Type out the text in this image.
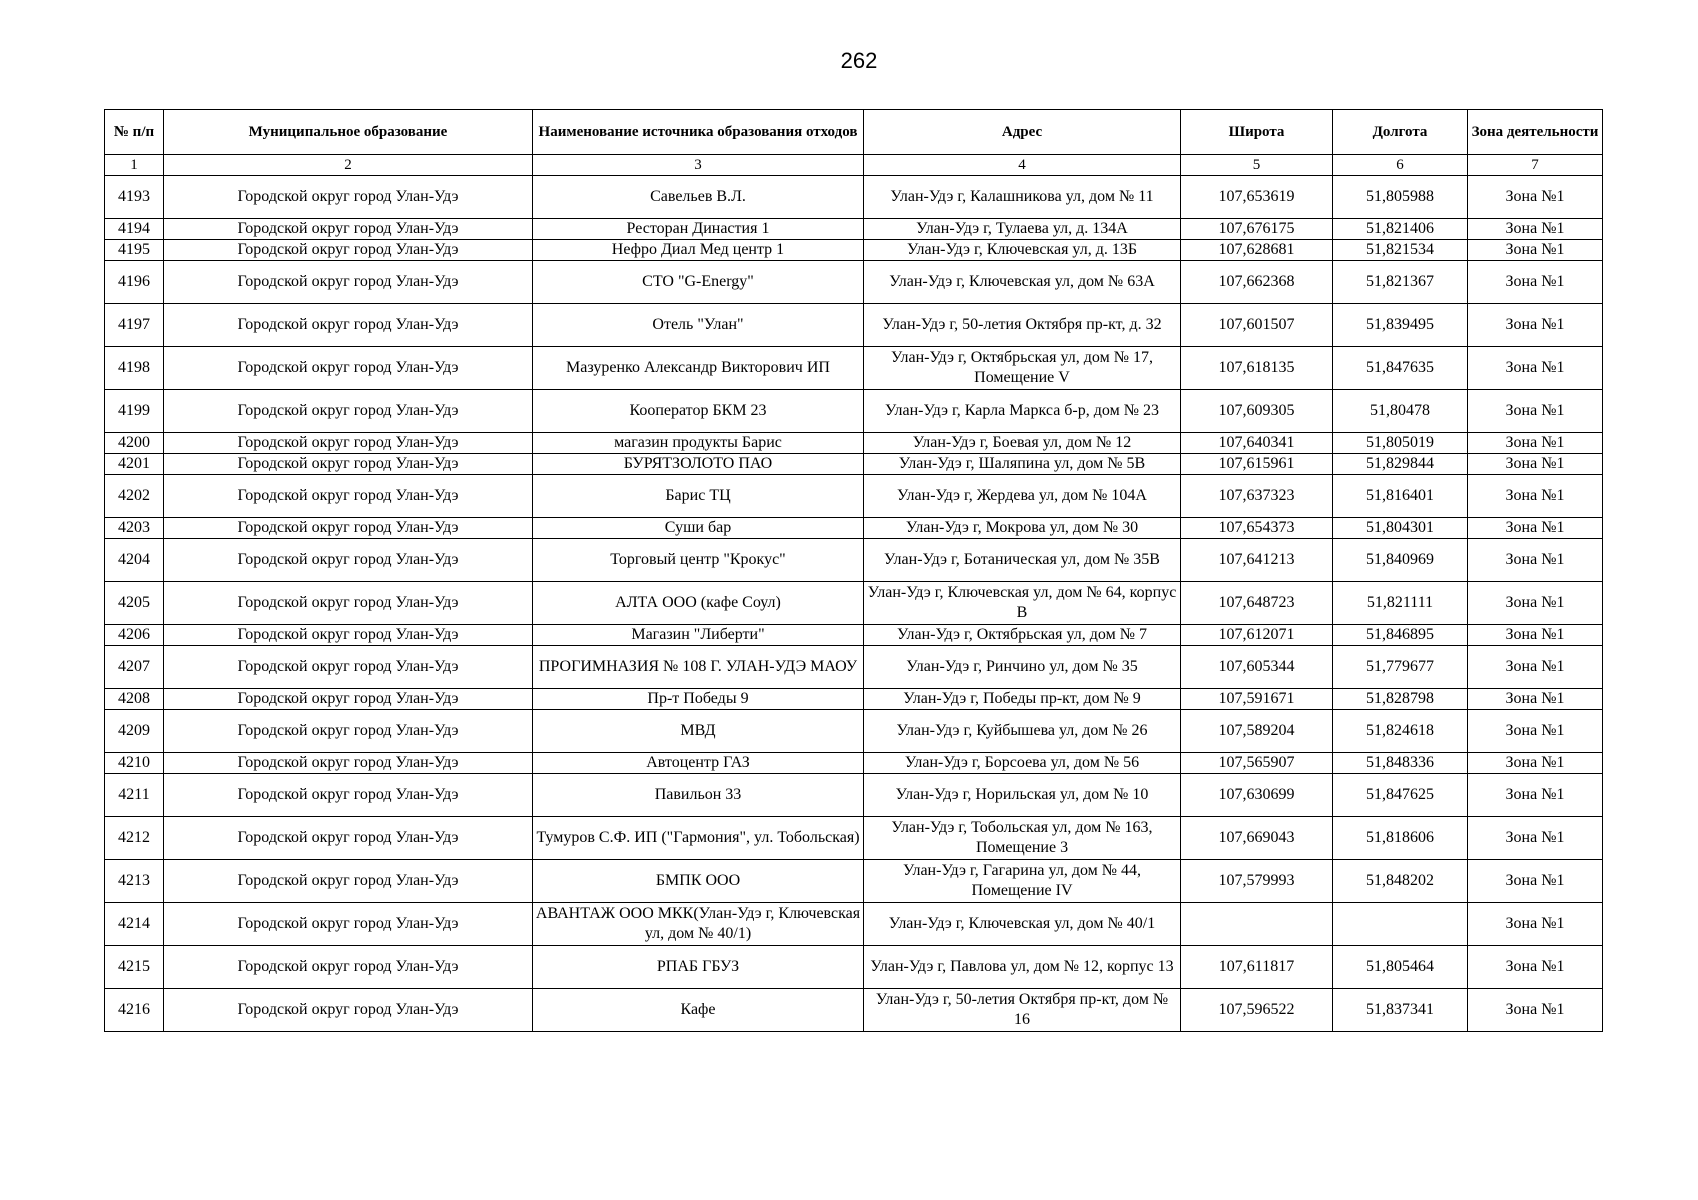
262
№ п/п	Муниципальное образование	Наименование источника образования отходов	Адрес	Широта	Долгота	Зона деятельности
1	2	3	4	5	6	7
4193	Городской округ город Улан-Удэ	Савельев В.Л.	Улан-Удэ г, Калашникова ул, дом № 11	107,653619	51,805988	Зона №1
4194	Городской округ город Улан-Удэ	Ресторан Династия 1	Улан-Удэ г, Тулаева ул, д. 134А	107,676175	51,821406	Зона №1
4195	Городской округ город Улан-Удэ	Нефро Диал Мед центр 1	Улан-Удэ г, Ключевская ул, д. 13Б	107,628681	51,821534	Зона №1
4196	Городской округ город Улан-Удэ	СТО "G-Energy"	Улан-Удэ г, Ключевская ул, дом № 63А	107,662368	51,821367	Зона №1
4197	Городской округ город Улан-Удэ	Отель "Улан"	Улан-Удэ г, 50-летия Октября пр-кт, д. 32	107,601507	51,839495	Зона №1
4198	Городской округ город Улан-Удэ	Мазуренко Александр Викторович ИП	Улан-Удэ г, Октябрьская ул, дом № 17, Помещение V	107,618135	51,847635	Зона №1
4199	Городской округ город Улан-Удэ	Кооператор БКМ 23	Улан-Удэ г, Карла Маркса б-р, дом № 23	107,609305	51,80478	Зона №1
4200	Городской округ город Улан-Удэ	магазин продукты Барис	Улан-Удэ г, Боевая ул, дом № 12	107,640341	51,805019	Зона №1
4201	Городской округ город Улан-Удэ	БУРЯТЗОЛОТО ПАО	Улан-Удэ г, Шаляпина ул, дом № 5В	107,615961	51,829844	Зона №1
4202	Городской округ город Улан-Удэ	Барис ТЦ	Улан-Удэ г, Жердева ул, дом № 104А	107,637323	51,816401	Зона №1
4203	Городской округ город Улан-Удэ	Суши бар	Улан-Удэ г, Мокрова ул, дом № 30	107,654373	51,804301	Зона №1
4204	Городской округ город Улан-Удэ	Торговый центр "Крокус"	Улан-Удэ г, Ботаническая ул, дом № 35В	107,641213	51,840969	Зона №1
4205	Городской округ город Улан-Удэ	АЛТА ООО (кафе Соул)	Улан-Удэ г, Ключевская ул, дом № 64, корпус В	107,648723	51,821111	Зона №1
4206	Городской округ город Улан-Удэ	Магазин "Либерти"	Улан-Удэ г, Октябрьская ул, дом № 7	107,612071	51,846895	Зона №1
4207	Городской округ город Улан-Удэ	ПРОГИМНАЗИЯ № 108 Г. УЛАН-УДЭ МАОУ	Улан-Удэ г, Ринчино ул, дом № 35	107,605344	51,779677	Зона №1
4208	Городской округ город Улан-Удэ	Пр-т Победы 9	Улан-Удэ г, Победы пр-кт, дом № 9	107,591671	51,828798	Зона №1
4209	Городской округ город Улан-Удэ	МВД	Улан-Удэ г, Куйбышева ул, дом № 26	107,589204	51,824618	Зона №1
4210	Городской округ город Улан-Удэ	Автоцентр ГАЗ	Улан-Удэ г, Борсоева ул, дом № 56	107,565907	51,848336	Зона №1
4211	Городской округ город Улан-Удэ	Павильон 33	Улан-Удэ г, Норильская ул, дом № 10	107,630699	51,847625	Зона №1
4212	Городской округ город Улан-Удэ	Тумуров С.Ф. ИП ("Гармония", ул. Тобольская)	Улан-Удэ г, Тобольская ул, дом № 163, Помещение 3	107,669043	51,818606	Зона №1
4213	Городской округ город Улан-Удэ	БМПК ООО	Улан-Удэ г, Гагарина ул, дом № 44, Помещение IV	107,579993	51,848202	Зона №1
4214	Городской округ город Улан-Удэ	АВАНТАЖ ООО МКК(Улан-Удэ г, Ключевская ул, дом № 40/1)	Улан-Удэ г, Ключевская ул, дом № 40/1			Зона №1
4215	Городской округ город Улан-Удэ	РПАБ ГБУЗ	Улан-Удэ г, Павлова ул, дом № 12, корпус 13	107,611817	51,805464	Зона №1
4216	Городской округ город Улан-Удэ	Кафе	Улан-Удэ г, 50-летия Октября пр-кт, дом № 16	107,596522	51,837341	Зона №1
